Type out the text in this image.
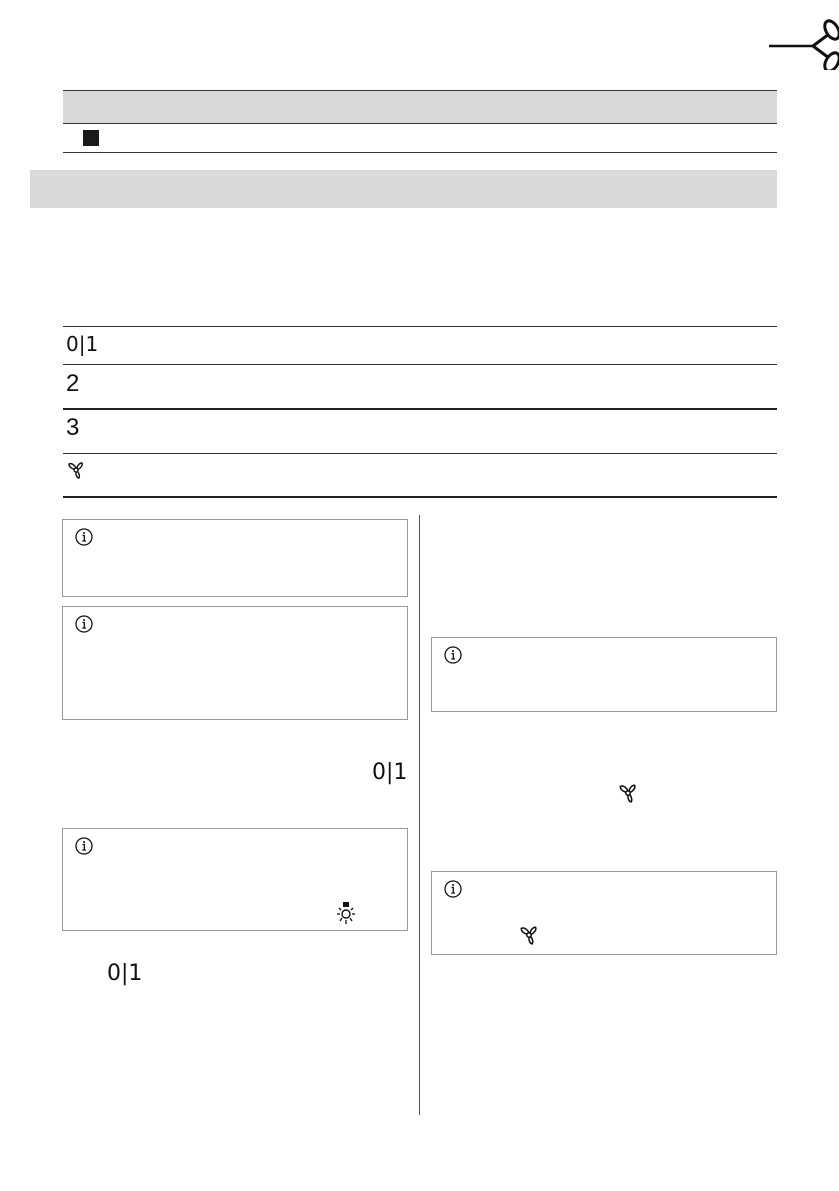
0|1
2
3
0|1
0|1
